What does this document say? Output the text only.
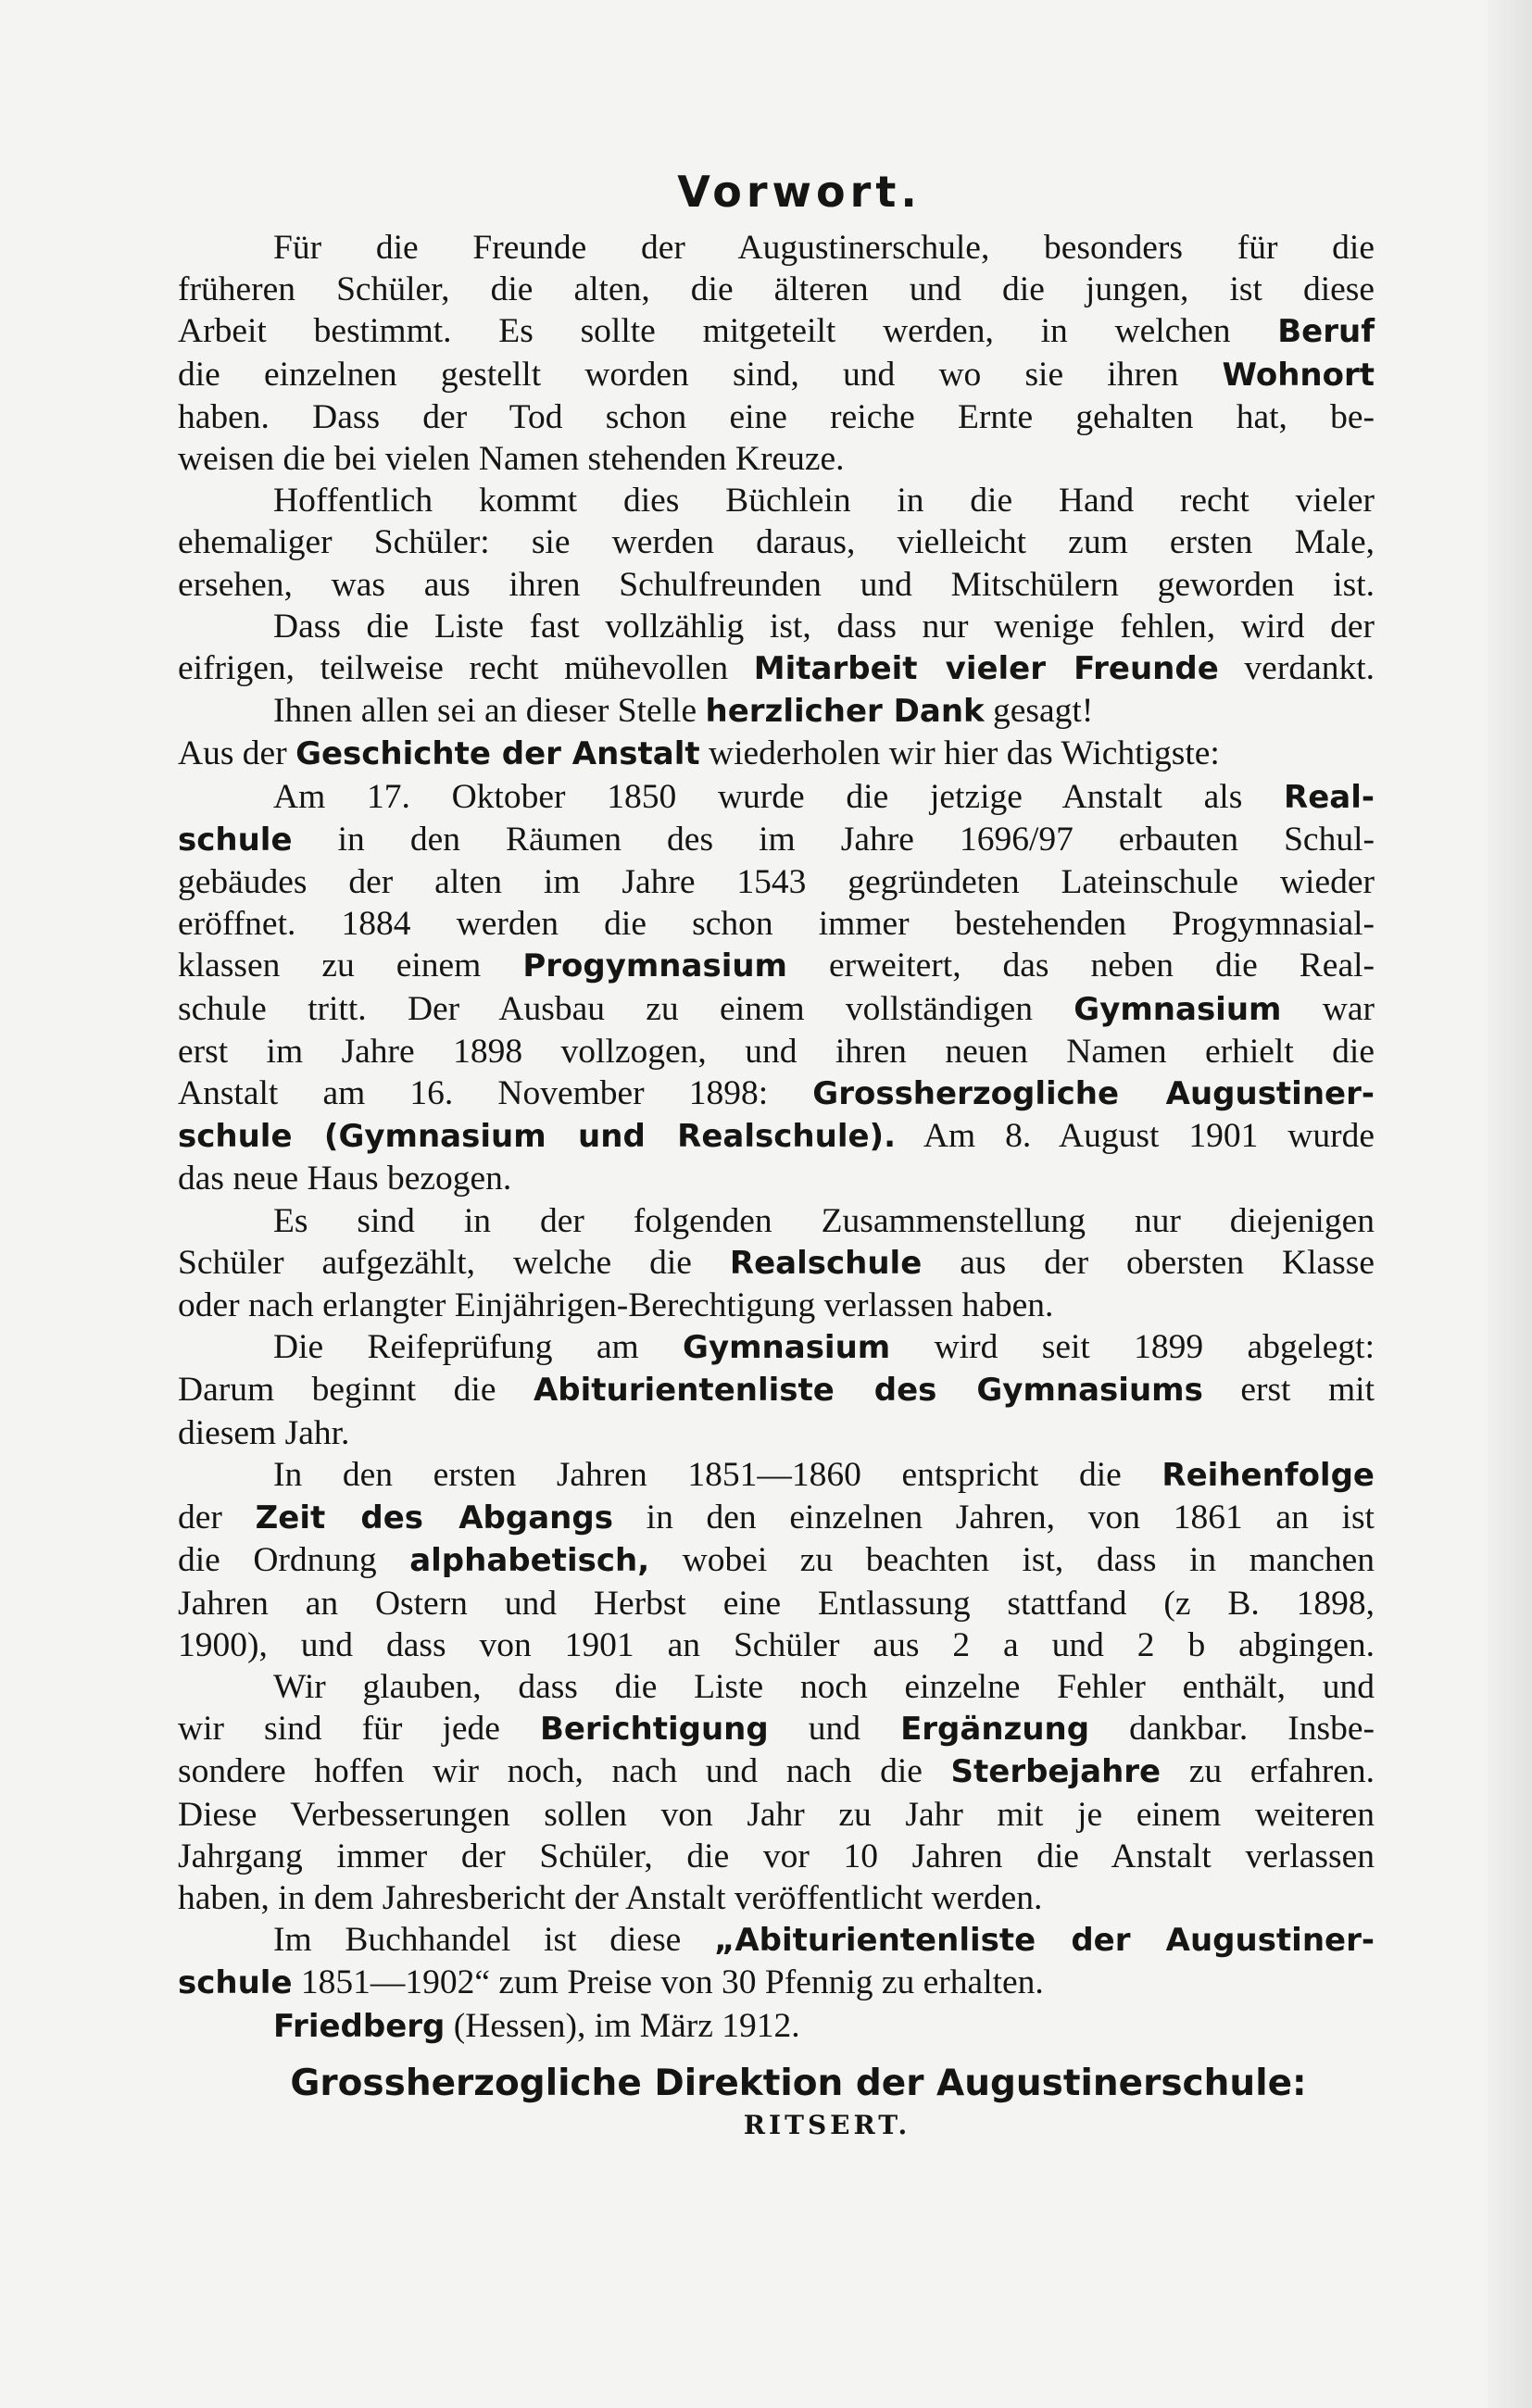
Vorwort.
Für die Freunde der Augustinerschule, besonders für die
früheren Schüler, die alten, die älteren und die jungen, ist diese
Arbeit bestimmt. Es sollte mitgeteilt werden, in welchen Beruf
die einzelnen gestellt worden sind, und wo sie ihren Wohnort
haben. Dass der Tod schon eine reiche Ernte gehalten hat, be-
weisen die bei vielen Namen stehenden Kreuze.
Hoffentlich kommt dies Büchlein in die Hand recht vieler
ehemaliger Schüler: sie werden daraus, vielleicht zum ersten Male,
ersehen, was aus ihren Schulfreunden und Mitschülern geworden ist.
Dass die Liste fast vollzählig ist, dass nur wenige fehlen, wird der
eifrigen, teilweise recht mühevollen Mitarbeit vieler Freunde verdankt.
Ihnen allen sei an dieser Stelle herzlicher Dank gesagt!
Aus der Geschichte der Anstalt wiederholen wir hier das Wichtigste:
Am 17. Oktober 1850 wurde die jetzige Anstalt als Real-
schule in den Räumen des im Jahre 1696/97 erbauten Schul-
gebäudes der alten im Jahre 1543 gegründeten Lateinschule wieder
eröffnet. 1884 werden die schon immer bestehenden Progymnasial-
klassen zu einem Progymnasium erweitert, das neben die Real-
schule tritt. Der Ausbau zu einem vollständigen Gymnasium war
erst im Jahre 1898 vollzogen, und ihren neuen Namen erhielt die
Anstalt am 16. November 1898: Grossherzogliche Augustiner-
schule (Gymnasium und Realschule). Am 8. August 1901 wurde
das neue Haus bezogen.
Es sind in der folgenden Zusammenstellung nur diejenigen
Schüler aufgezählt, welche die Realschule aus der obersten Klasse
oder nach erlangter Einjährigen-Berechtigung verlassen haben.
Die Reifeprüfung am Gymnasium wird seit 1899 abgelegt:
Darum beginnt die Abiturientenliste des Gymnasiums erst mit
diesem Jahr.
In den ersten Jahren 1851—1860 entspricht die Reihenfolge
der Zeit des Abgangs in den einzelnen Jahren, von 1861 an ist
die Ordnung alphabetisch, wobei zu beachten ist, dass in manchen
Jahren an Ostern und Herbst eine Entlassung stattfand (z B. 1898,
1900), und dass von 1901 an Schüler aus 2 a und 2 b abgingen.
Wir glauben, dass die Liste noch einzelne Fehler enthält, und
wir sind für jede Berichtigung und Ergänzung dankbar. Insbe-
sondere hoffen wir noch, nach und nach die Sterbejahre zu erfahren.
Diese Verbesserungen sollen von Jahr zu Jahr mit je einem weiteren
Jahrgang immer der Schüler, die vor 10 Jahren die Anstalt verlassen
haben, in dem Jahresbericht der Anstalt veröffentlicht werden.
Im Buchhandel ist diese „Abiturientenliste der Augustiner-
schule 1851—1902“ zum Preise von 30 Pfennig zu erhalten.
Friedberg (Hessen), im März 1912.
Grossherzogliche Direktion der Augustinerschule:
RITSERT.
